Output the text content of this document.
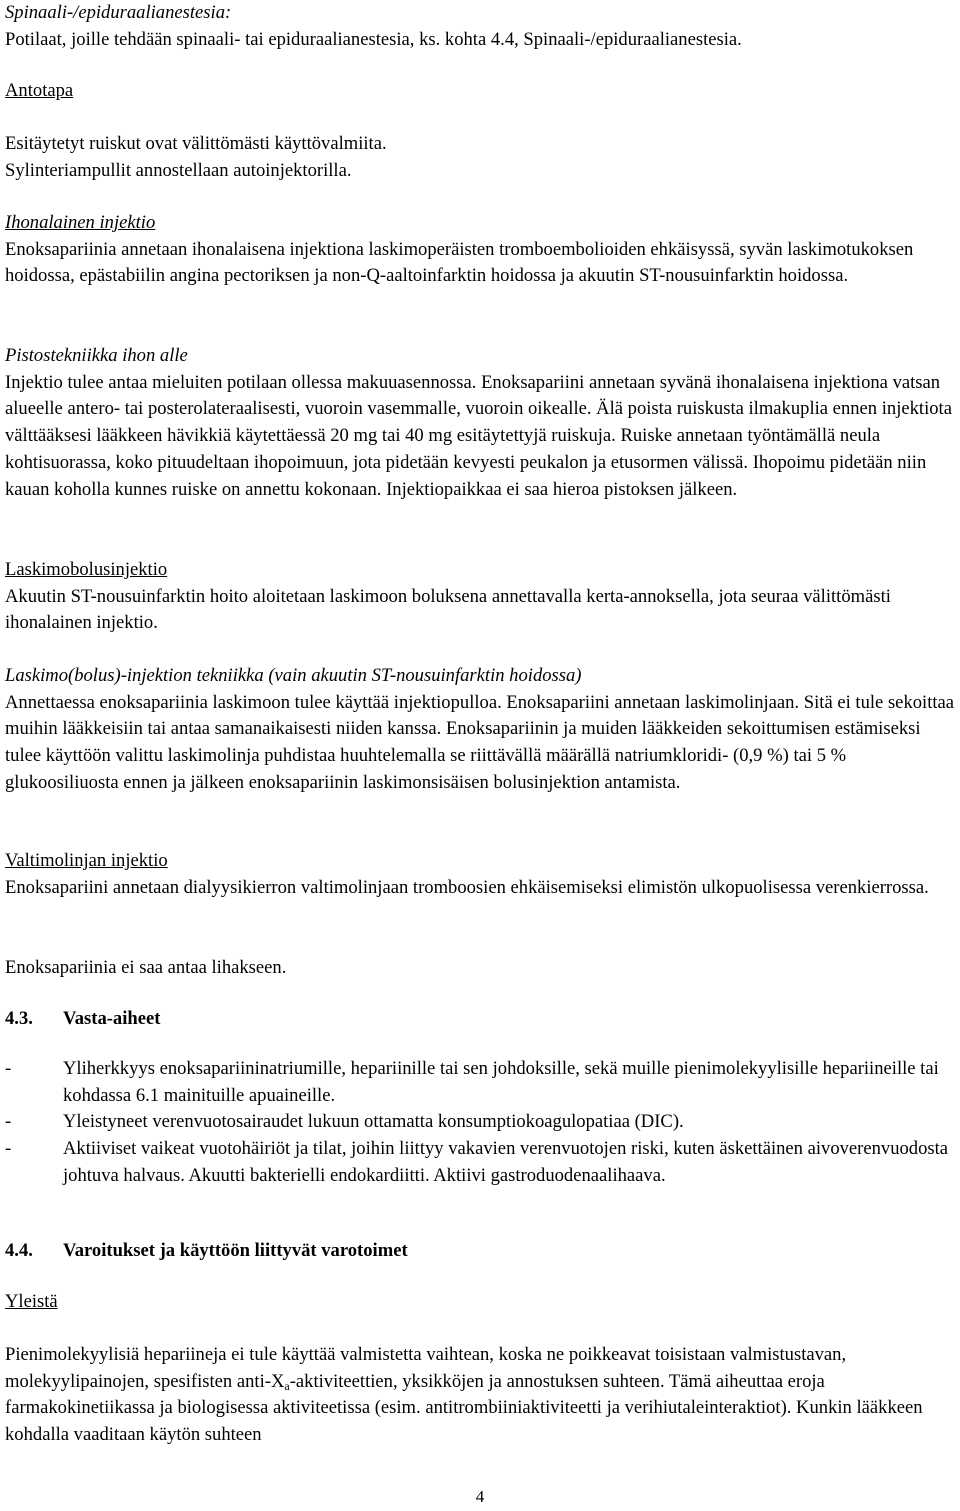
Spinaali-/epiduraalianestesia:

Potilaat, joille tehdään spinaali- tai epiduraalianestesia, ks. kohta 4.4, Spinaali-/epiduraalianestesia.

Antotapa

Esitäytetyt ruiskut ovat välittömästi käyttövalmiita.

Sylinteriampullit annostellaan autoinjektorilla.

Ihonalainen injektio

Enoksapariinia annetaan ihonalaisena injektiona laskimoperäisten tromboembolioiden ehkäisyssä, syvän laskimotukoksen hoidossa, epästabiilin angina pectoriksen ja non-Q-aaltoinfarktin hoidossa ja akuutin ST-nousuinfarktin hoidossa.

Pistostekniikka ihon alle

Injektio tulee antaa mieluiten potilaan ollessa makuuasennossa. Enoksapariini annetaan syvänä ihonalaisena injektiona vatsan alueelle antero- tai posterolateraalisesti, vuoroin vasemmalle, vuoroin oikealle. Älä poista ruiskusta ilmakuplia ennen injektiota välttääksesi lääkkeen hävikkiä käytettäessä 20 mg tai 40 mg esitäytettyjä ruiskuja. Ruiske annetaan työntämällä neula kohtisuorassa, koko pituudeltaan ihopoimuun, jota pidetään kevyesti peukalon ja etusormen välissä. Ihopoimu pidetään niin kauan koholla kunnes ruiske on annettu kokonaan. Injektiopaikkaa ei saa hieroa pistoksen jälkeen.

Laskimobolusinjektio

Akuutin ST-nousuinfarktin hoito aloitetaan laskimoon boluksena annettavalla kerta-annoksella, jota seuraa välittömästi ihonalainen injektio.

Laskimo(bolus)-injektion tekniikka (vain akuutin ST-nousuinfarktin hoidossa)

Annettaessa enoksapariinia laskimoon tulee käyttää injektiopulloa. Enoksapariini annetaan laskimolinjaan. Sitä ei tule sekoittaa muihin lääkkeisiin tai antaa samanaikaisesti niiden kanssa. Enoksapariinin ja muiden lääkkeiden sekoittumisen estämiseksi tulee käyttöön valittu laskimolinja puhdistaa huuhtelemalla se riittävällä määrällä natriumkloridi- (0,9 %) tai 5 % glukoosiliuosta ennen ja jälkeen enoksapariinin laskimonsisäisen bolusinjektion antamista.

Valtimolinjan injektio

Enoksapariini annetaan dialyysikierron valtimolinjaan tromboosien ehkäisemiseksi elimistön ulkopuolisessa verenkierrossa.

Enoksapariinia ei saa antaa lihakseen.

4.3. Vasta-aiheet
-	Yliherkkyys enoksapariininatriumille, hepariinille tai sen johdoksille, sekä muille pienimolekyylisille hepariineille tai kohdassa 6.1 mainituille apuaineille.
-	Yleistyneet verenvuotosairaudet lukuun ottamatta konsumptiokoagulopatiaa (DIC).
-	Aktiiviset vaikeat vuotohäiriöt ja tilat, joihin liittyy vakavien verenvuotojen riski, kuten äskettäinen aivoverenvuodosta johtuva halvaus. Akuutti bakterielli endokardiitti. Aktiivi gastroduodenaalihaava.
4.4. Varoitukset ja käyttöön liittyvät varotoimet

Yleistä

Pienimolekyylisiä hepariineja ei tule käyttää valmistetta vaihtean, koska ne poikkeavat toisistaan valmistustavan, molekyylipainojen, spesifisten anti-$X_a$-aktiviteettien, yksikköjen ja annostuksen suhteen. Tämä aiheuttaa eroja farmakokinetiikassa ja biologisessa aktiviteetissa (esim. antitrombiiniaktiviteetti ja verihiutaleinteraktiot). Kunkin lääkkeen kohdalla vaaditaan käytön suhteen

4
